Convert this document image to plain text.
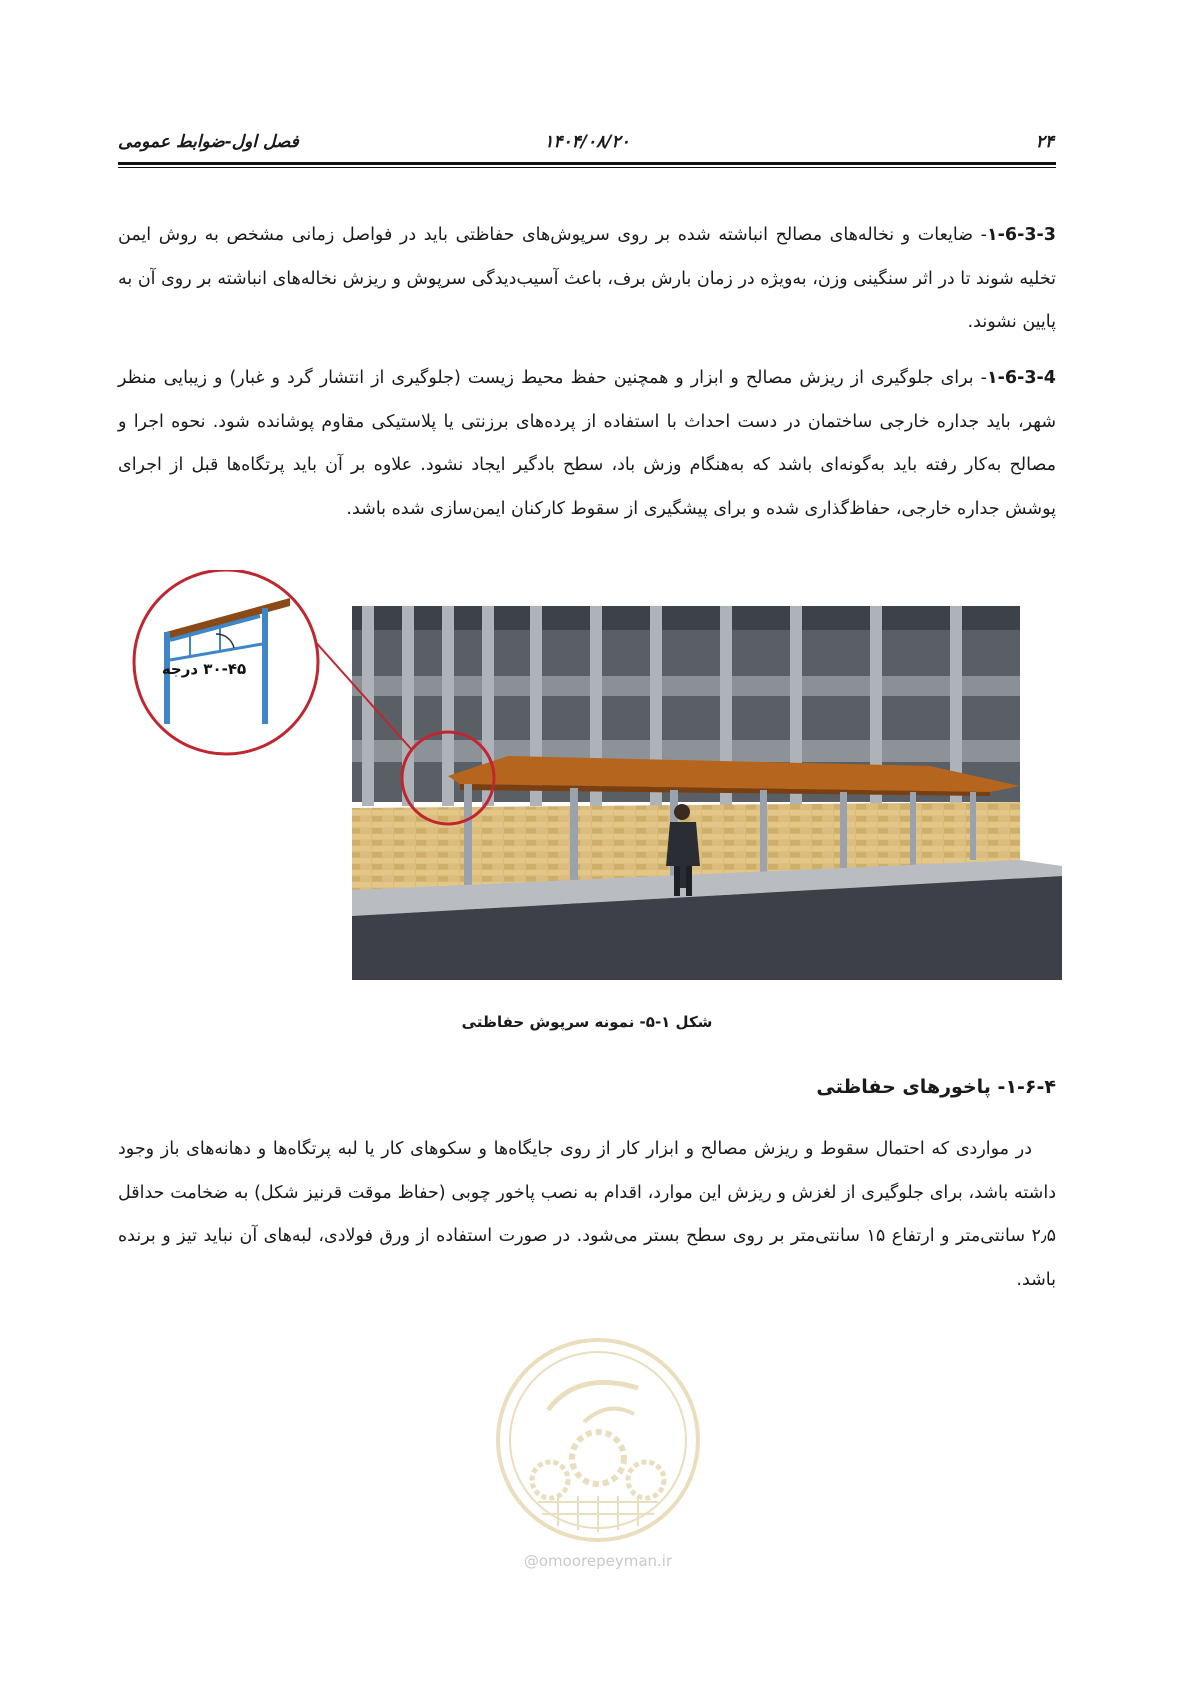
۲۴
۱۴۰۴/۰۸/۲۰
فصل اول-ضوابط عمومی
۱-6-3-3- ضایعات و نخاله‌های مصالح انباشته شده بر روی سرپوش‌های حفاظتی باید در فواصل زمانی مشخص به روش ایمن تخلیه شوند تا در اثر سنگینی وزن، به‌ویژه در زمان بارش برف، باعث آسیب‌دیدگی سرپوش و ریزش نخاله‌های انباشته بر روی آن به پایین نشوند.
۱-6-3-4- برای جلوگیری از ریزش مصالح و ابزار و همچنین حفظ محیط زیست (جلوگیری از انتشار گرد و غبار) و زیبایی منظر شهر، باید جداره خارجی ساختمان در دست احداث با استفاده از پرده‌های برزنتی یا پلاستیکی مقاوم پوشانده شود. نحوه اجرا و مصالح به‌کار رفته باید به‌گونه‌ای باشد که به‌هنگام وزش باد، سطح بادگیر ایجاد نشود. علاوه بر آن باید پرتگاه‌ها قبل از اجرای پوشش جداره خارجی، حفاظ‌گذاری شده و برای پیشگیری از سقوط کارکنان ایمن‌سازی شده باشد.
۳۰-۴۵ درجه
شکل ۱-۵- نمونه سرپوش حفاظتی
۱-۶-۴- پاخورهای حفاظتی
در مواردی که احتمال سقوط و ریزش مصالح و ابزار کار از روی جایگاه‌ها و سکوهای کار یا لبه پرتگاه‌ها و دهانه‌های باز وجود داشته باشد، برای جلوگیری از لغزش و ریزش این موارد، اقدام به نصب پاخور چوبی (حفاظ موقت قرنیز شکل) به ضخامت حداقل ۲٫۵ سانتی‌متر و ارتفاع ۱۵ سانتی‌متر بر روی سطح بستر می‌شود. در صورت استفاده از ورق فولادی، لبه‌های آن نباید تیز و برنده باشد.
@omoorepeyman.ir
